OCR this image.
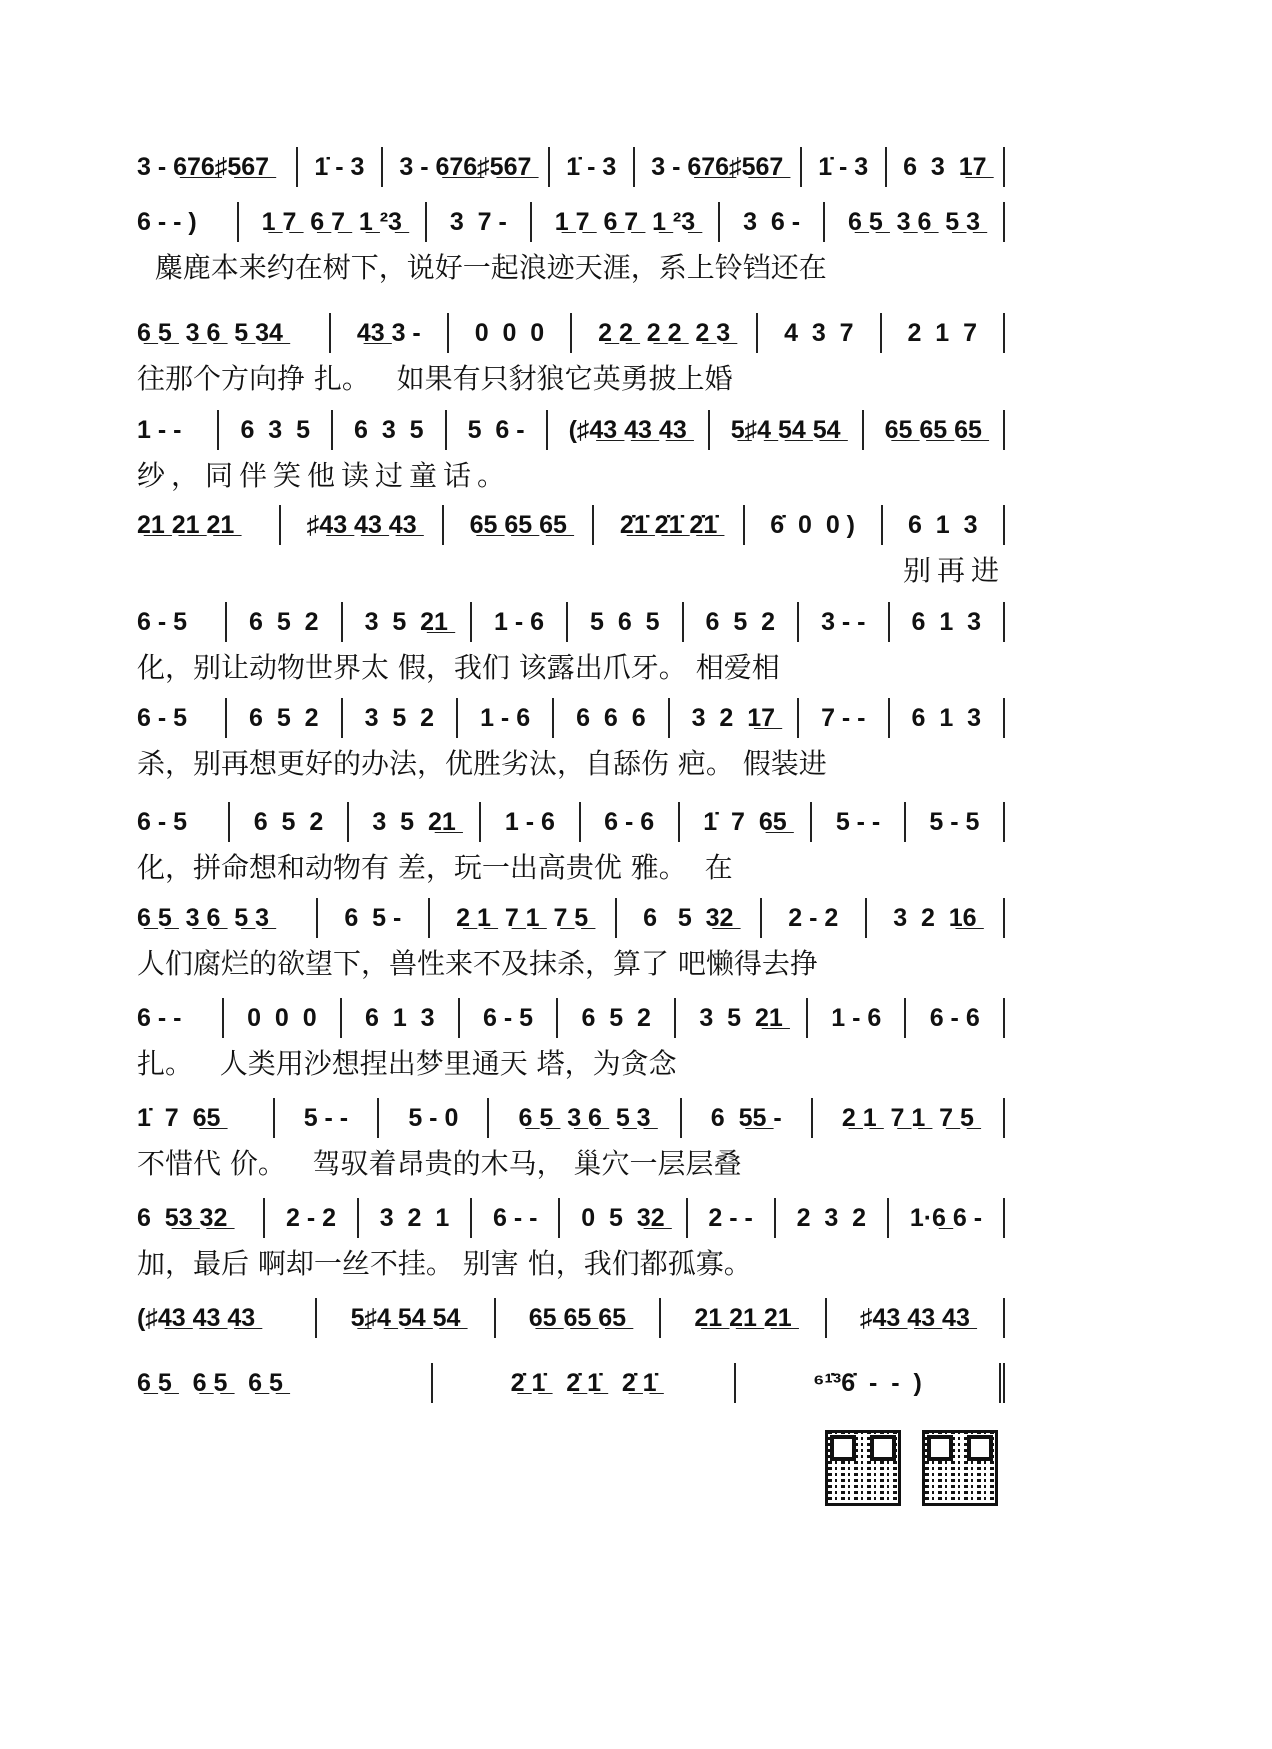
3 - 6̲7̲6̲♯5̲6̲7̲	1̇ - 3	3 - 6̲7̲6̲♯5̲6̲7̲	1̇ - 3	3 - 6̲7̲6̲♯5̲6̲7̲	1̇ - 3	6  3  1̲7̲
6 - - )	1̲ 7̲  6̲ 7̲  1̲ ²3̲	3  7 -	1̲ 7̲  6̲ 7̲  1̲ ²3̲	3  6 -	6̲ 5̲  3̲ 6̲  5̲ 3̲
麋鹿本来约在树下，说好一起浪迹天涯，系上铃铛还在
6̲ 5̲  3̲ 6̲  5̲ 3̲4̲	4̲3̲ 3 -	0  0  0	2̲ 2̲  2̲ 2̲  2̲ 3̲	4  3  7	2  1  7
往那个方向挣 扎。   如果有只豺狼它英勇披上婚
1 - -	6  3  5	6  3  5	5  6 -	(♯4̲3̲ 4̲3̲ 4̲3̲	5̲♯4̲ 5̲4̲ 5̲4̲	6̲5̲ 6̲5̲ 6̲5̲
纱，同伴笑他读过童话。
2̲1̲ 2̲1̲ 2̲1̲	♯4̲3̲ 4̲3̲ 4̲3̲	6̲5̲ 6̲5̲ 6̲5̲	2̲̇1̲̇ 2̲̇1̲̇ 2̲̇1̲̇	6̇  0  0 )	6  1  3
别再进
6 - 5	6  5  2	3  5  2̲1̲	1 - 6	5  6  5	6  5  2	3 - -	6  1  3
化，别让动物世界太 假，我们 该露出爪牙。 相爱相
6 - 5	6  5  2	3  5  2	1 - 6	6  6  6	3  2  1̲7̲	7 - -	6  1  3
杀，别再想更好的办法，优胜劣汰，自舔伤 疤。 假装进
6 - 5	6  5  2	3  5  2̲1̲	1 - 6	6 - 6	1̇  7  6̲5̲	5 - -	5 - 5
化，拼命想和动物有 差，玩一出高贵优 雅。  在
6̲ 5̲  3̲ 6̲  5̲ 3̲	6  5 -	2̲ 1̲  7̲ 1̲  7̲ 5̲	6   5  3̲2̲	2 - 2	3  2  1̲6̲
人们腐烂的欲望下，兽性来不及抹杀，算了 吧懒得去挣
6 - -	0  0  0	6  1  3	6 - 5	6  5  2	3  5  2̲1̲	1 - 6	6 - 6
扎。   人类用沙想捏出梦里通天 塔，为贪念
1̇  7  6̲5̲	5 - -	5 - 0	6̲ 5̲  3̲ 6̲  5̲ 3̲	6  5̲5̲ -	2̲ 1̲  7̲ 1̲  7̲ 5̲
不惜代 价。   驾驭着昂贵的木马， 巢穴一层层叠
6  5̲3̲ 3̲2̲	2 - 2	3  2  1	6 - -	0  5  3̲2̲	2 - -	2  3  2	1·6̲ 6 -
加，最后 啊却一丝不挂。 别害 怕，我们都孤寡。
(♯4̲3̲ 4̲3̲ 4̲3̲	5̲♯4̲ 5̲4̲ 5̲4̲	6̲5̲ 6̲5̲ 6̲5̲	2̲1̲ 2̲1̲ 2̲1̲	♯4̲3̲ 4̲3̲ 4̲3̲
6̲ 5̲   6̲ 5̲   6̲ 5̲	2̲̇ 1̲̇   2̲̇ 1̲̇   2̲̇ 1̲̇	⁶¹̇³6̇  -  -  )
